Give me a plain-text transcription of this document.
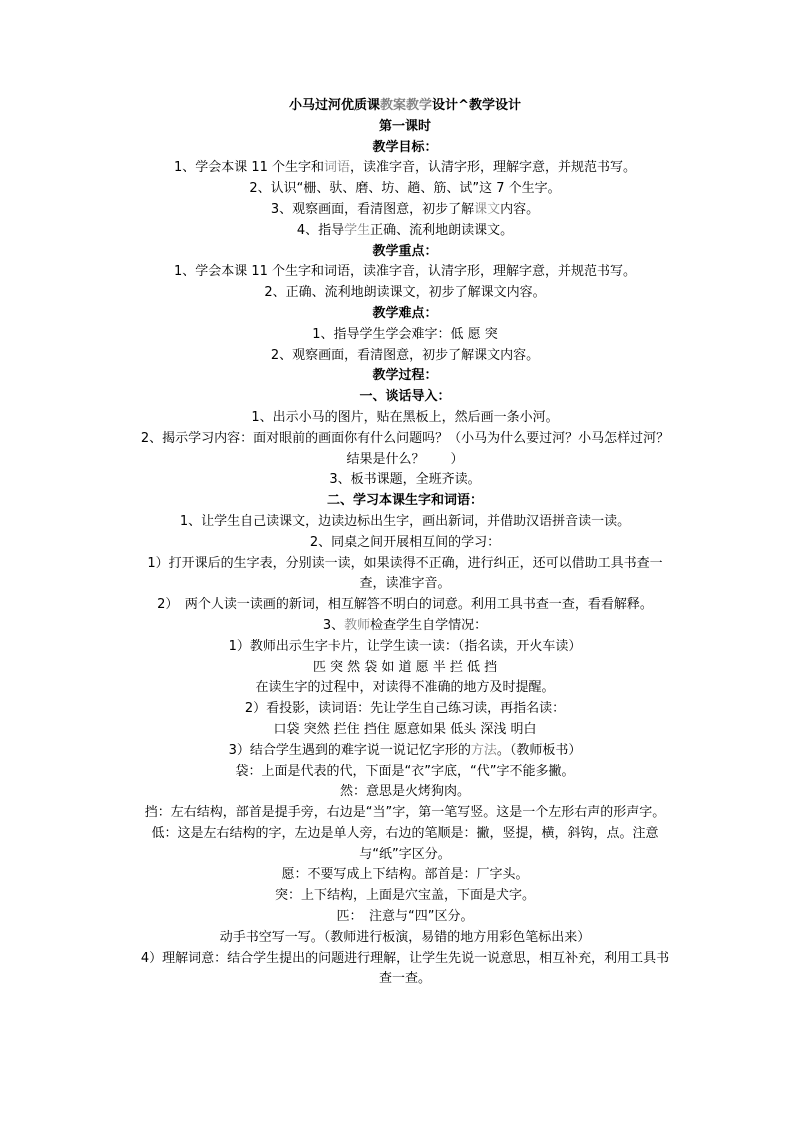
小马过河优质课教案教学设计^教学设计

第一课时

教学目标：

1、学会本课 11 个生字和词语，读准字音，认清字形，理解字意，并规范书写。

2、认识“栅、驮、磨、坊、趟、筋、试”这 7 个生字。

3、观察画面，看清图意，初步了解课文内容。

4、指导学生正确、流利地朗读课文。

教学重点：

1、学会本课 11 个生字和词语，读准字音，认清字形，理解字意，并规范书写。

2、正确、流利地朗读课文，初步了解课文内容。

教学难点：

1、指导学生学会难字：低 愿 突

2、观察画面，看清图意，初步了解课文内容。

教学过程：

一、谈话导入：

1、出示小马的图片，贴在黑板上，然后画一条小河。

2、揭示学习内容：面对眼前的画面你有什么问题吗？（小马为什么要过河？小马怎样过河？结果是什么？　　）

3、板书课题，全班齐读。

二、学习本课生字和词语：

1、让学生自己读课文，边读边标出生字，画出新词，并借助汉语拼音读一读。

2、同桌之间开展相互间的学习：

1）打开课后的生字表，分别读一读，如果读得不正确，进行纠正，还可以借助工具书查一查，读准字音。

2）　两个人读一读画的新词，相互解答不明白的词意。利用工具书查一查，看看解释。

3、教师检查学生自学情况：

1）教师出示生字卡片，让学生读一读：（指名读，开火车读）

匹 突 然 袋 如 道 愿 半 拦 低 挡

在读生字的过程中，对读得不准确的地方及时提醒。

2）看投影，读词语：先让学生自己练习读，再指名读：

口袋 突然 拦住 挡住 愿意如果 低头 深浅 明白

3）结合学生遇到的难字说一说记忆字形的方法。（教师板书）

袋：上面是代表的代，下面是“衣”字底，“代”字不能多撇。

然：意思是火烤狗肉。

挡：左右结构，部首是提手旁，右边是“当”字，第一笔写竖。这是一个左形右声的形声字。

低：这是左右结构的字，左边是单人旁，右边的笔顺是：撇，竖提，横，斜钩，点。注意与“纸”字区分。

愿：不要写成上下结构。部首是：厂字头。

突：上下结构，上面是穴宝盖，下面是犬字。

匹：　注意与“四”区分。

动手书空写一写。（教师进行板演，易错的地方用彩色笔标出来）

4）理解词意：结合学生提出的问题进行理解，让学生先说一说意思，相互补充，利用工具书查一查。
